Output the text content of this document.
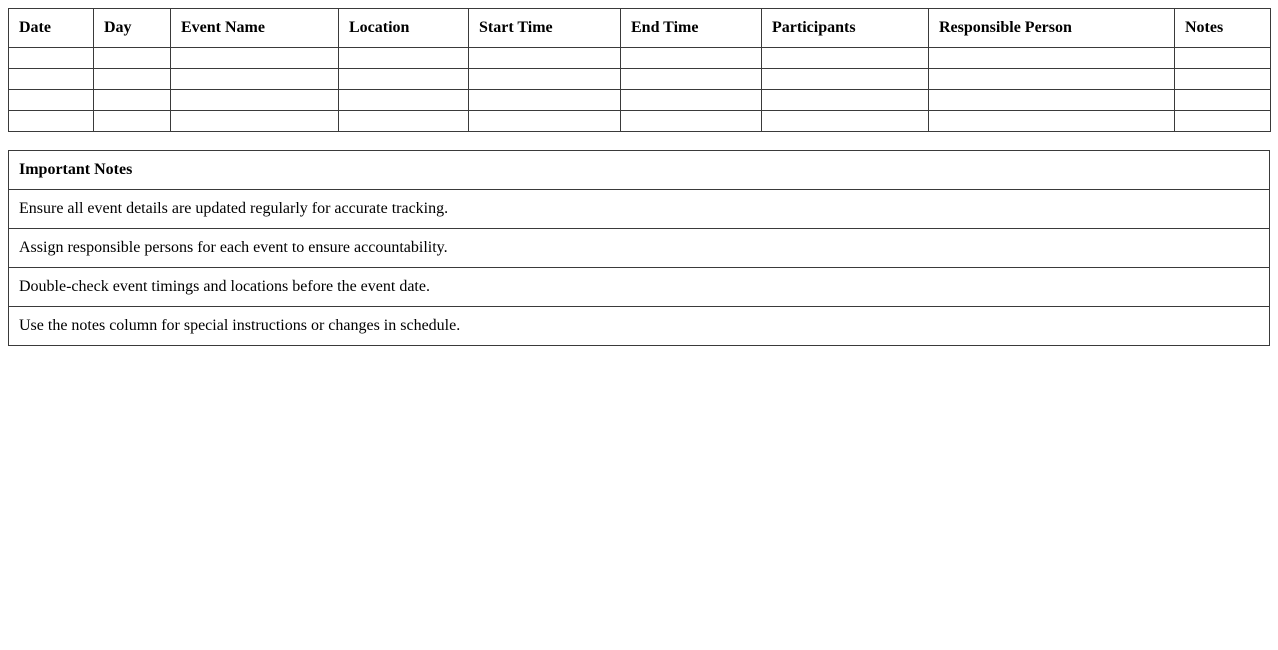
Date	Day	Event Name	Location	Start Time	End Time	Participants	Responsible Person	Notes

Important Notes
Ensure all event details are updated regularly for accurate tracking.
Assign responsible persons for each event to ensure accountability.
Double-check event timings and locations before the event date.
Use the notes column for special instructions or changes in schedule.
